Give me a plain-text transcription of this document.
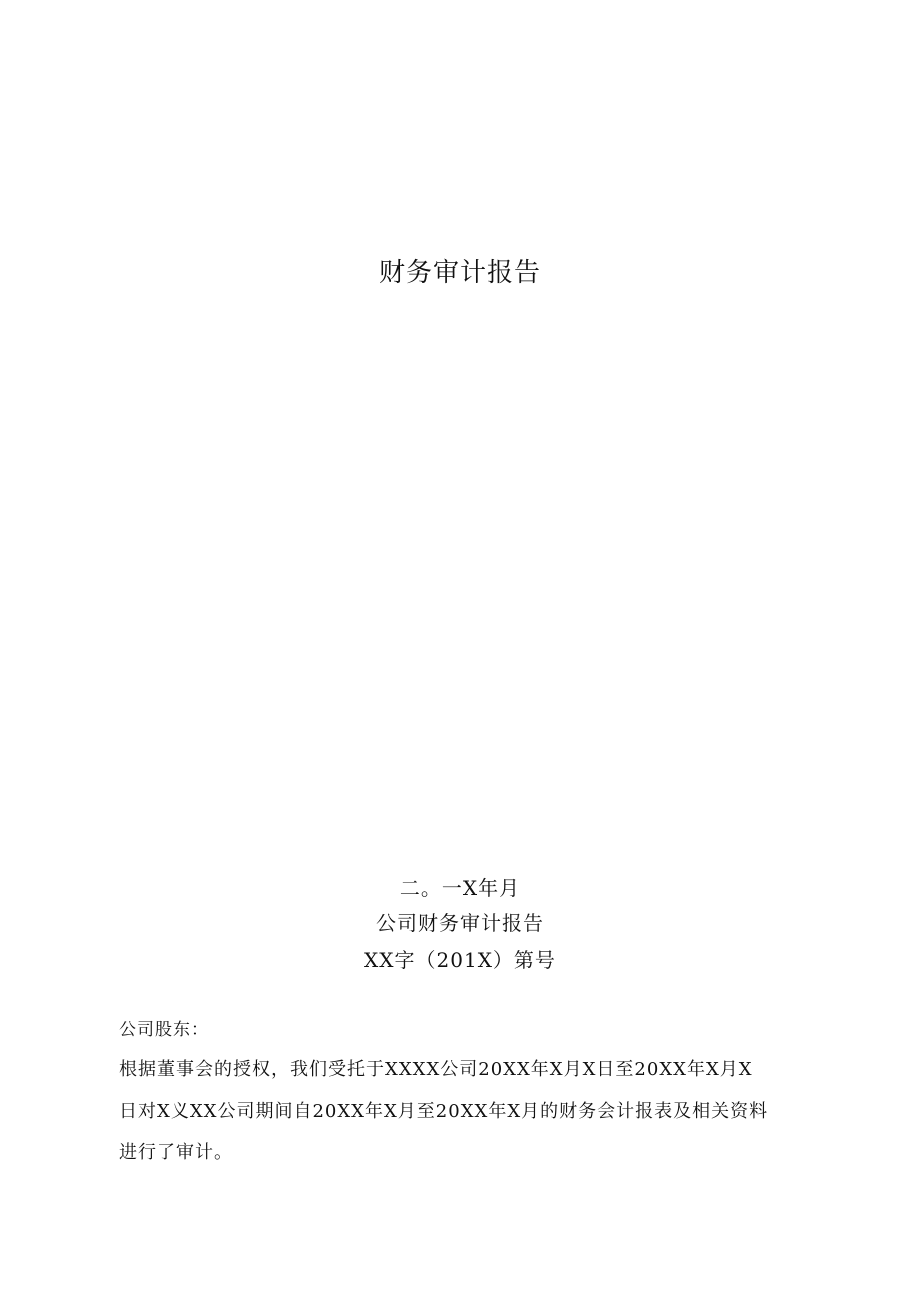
财务审计报告

二。一X年月

公司财务审计报告

XX字（201X）第号

公司股东：

根据董事会的授权，我们受托于XXXX公司20XX年X月X日至20XX年X月X

日对X义XX公司期间自20XX年X月至20XX年X月的财务会计报表及相关资料

进行了审计。
